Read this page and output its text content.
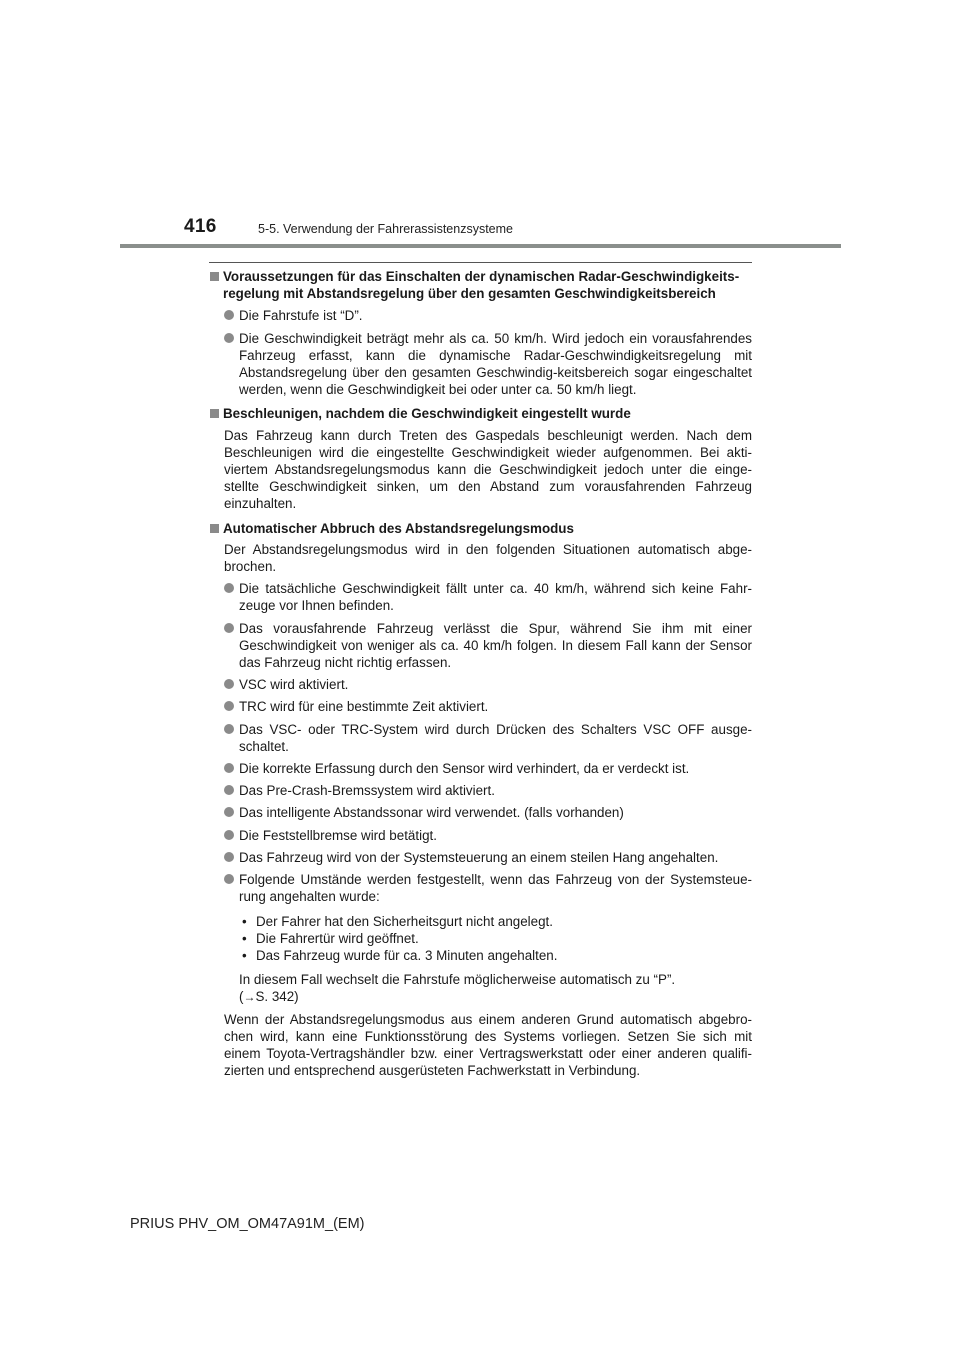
416	5-5. Verwendung der Fahrerassistenzsysteme
Voraussetzungen für das Einschalten der dynamischen Radar-Geschwindigkeits-regelung mit Abstandsregelung über den gesamten Geschwindigkeitsbereich
Die Fahrstufe ist “D”.
Die Geschwindigkeit beträgt mehr als ca. 50 km/h. Wird jedoch ein vorausfahrendes Fahrzeug erfasst, kann die dynamische Radar-Geschwindigkeitsregelung mit Abstandsregelung über den gesamten Geschwindig-keitsbereich sogar eingeschaltet werden, wenn die Geschwindigkeit bei oder unter ca. 50 km/h liegt.
Beschleunigen, nachdem die Geschwindigkeit eingestellt wurde
Das Fahrzeug kann durch Treten des Gaspedals beschleunigt werden. Nach dem Beschleunigen wird die eingestellte Geschwindigkeit wieder aufgenommen. Bei akti-viertem Abstandsregelungsmodus kann die Geschwindigkeit jedoch unter die einge-stellte Geschwindigkeit sinken, um den Abstand zum vorausfahrenden Fahrzeug einzuhalten.
Automatischer Abbruch des Abstandsregelungsmodus
Der Abstandsregelungsmodus wird in den folgenden Situationen automatisch abge-brochen.
Die tatsächliche Geschwindigkeit fällt unter ca. 40 km/h, während sich keine Fahr-zeuge vor Ihnen befinden.
Das vorausfahrende Fahrzeug verlässt die Spur, während Sie ihm mit einer Geschwindigkeit von weniger als ca. 40 km/h folgen. In diesem Fall kann der Sensor das Fahrzeug nicht richtig erfassen.
VSC wird aktiviert.
TRC wird für eine bestimmte Zeit aktiviert.
Das VSC- oder TRC-System wird durch Drücken des Schalters VSC OFF ausge-schaltet.
Die korrekte Erfassung durch den Sensor wird verhindert, da er verdeckt ist.
Das Pre-Crash-Bremssystem wird aktiviert.
Das intelligente Abstandssonar wird verwendet. (falls vorhanden)
Die Feststellbremse wird betätigt.
Das Fahrzeug wird von der Systemsteuerung an einem steilen Hang angehalten.
Folgende Umstände werden festgestellt, wenn das Fahrzeug von der Systemsteue-rung angehalten wurde:
• Der Fahrer hat den Sicherheitsgurt nicht angelegt.
• Die Fahrertür wird geöffnet.
• Das Fahrzeug wurde für ca. 3 Minuten angehalten.
In diesem Fall wechselt die Fahrstufe möglicherweise automatisch zu “P”.
(→S. 342)
Wenn der Abstandsregelungsmodus aus einem anderen Grund automatisch abgebro-chen wird, kann eine Funktionsstörung des Systems vorliegen. Setzen Sie sich mit einem Toyota-Vertragshändler bzw. einer Vertragswerkstatt oder einer anderen qualifi-zierten und entsprechend ausgerüsteten Fachwerkstatt in Verbindung.
PRIUS PHV_OM_OM47A91M_(EM)
